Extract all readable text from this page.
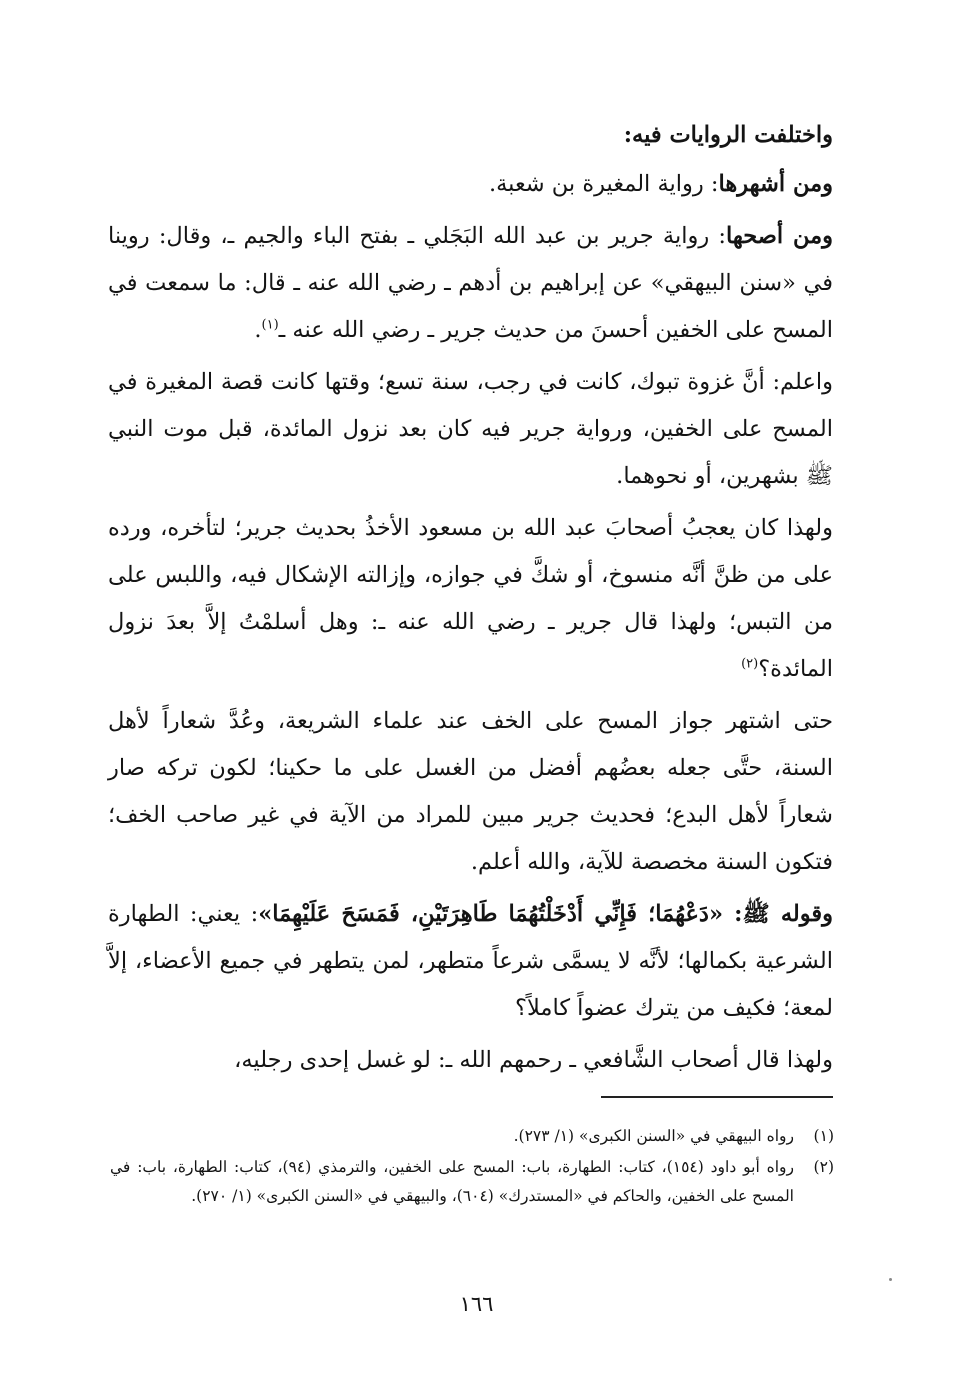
واختلفت الروايات فيه:

ومن أشهرها: رواية المغيرة بن شعبة.

ومن أصحها: رواية جرير بن عبد الله البَجَلي ـ بفتح الباء والجيم ـ، وقال: روينا في «سنن البيهقي» عن إبراهيم بن أدهم ـ رضي الله عنه ـ قال: ما سمعت في المسح على الخفين أحسنَ من حديث جرير ـ رضي الله عنه ـ$^{(١)}$.

واعلم: أنَّ غزوة تبوك، كانت في رجب، سنة تسع؛ وقتها كانت قصة المغيرة في المسح على الخفين، ورواية جرير فيه كان بعد نزول المائدة، قبل موت النبي ﷺ بشهرين، أو نحوهما.

ولهذا كان يعجبُ أصحابَ عبد الله بن مسعود الأخذُ بحديث جرير؛ لتأخره، ورده على من ظنَّ أنَّه منسوخ، أو شكَّ في جوازه، وإزالته الإشكال فيه، واللبس على من التبس؛ ولهذا قال جرير ـ رضي الله عنه ـ: وهل أسلمْتُ إلاَّ بعدَ نزول المائدة؟$^{(٢)}$

حتى اشتهر جواز المسح على الخف عند علماء الشريعة، وعُدَّ شعاراً لأهل السنة، حتَّى جعله بعضُهم أفضل من الغسل على ما حكينا؛ لكون تركه صار شعاراً لأهل البدع؛ فحديث جرير مبين للمراد من الآية في غير صاحب الخف؛ فتكون السنة مخصصة للآية، والله أعلم.

وقوله ﷺ: «دَعْهُمَا؛ فَإِنِّي أَدْخَلْتُهُمَا طَاهِرَتَيْنِ، فَمَسَحَ عَلَيْهِمَا»: يعني: الطهارة الشرعية بكمالها؛ لأنَّه لا يسمَّى شرعاً متطهر، لمن يتطهر في جميع الأعضاء، إلاَّ لمعة؛ فكيف من يترك عضواً كاملاً؟

ولهذا قال أصحاب الشَّافعي ـ رحمهم الله ـ: لو غسل إحدى رجليه،

(١)
رواه البيهقي في «السنن الكبرى» (١/ ٢٧٣).
(٢)
رواه أبو داود (١٥٤)، كتاب: الطهارة، باب: المسح على الخفين، والترمذي (٩٤)، كتاب: الطهارة، باب: في المسح على الخفين، والحاكم في «المستدرك» (٦٠٤)، والبيهقي في «السنن الكبرى» (١/ ٢٧٠).
١٦٦
